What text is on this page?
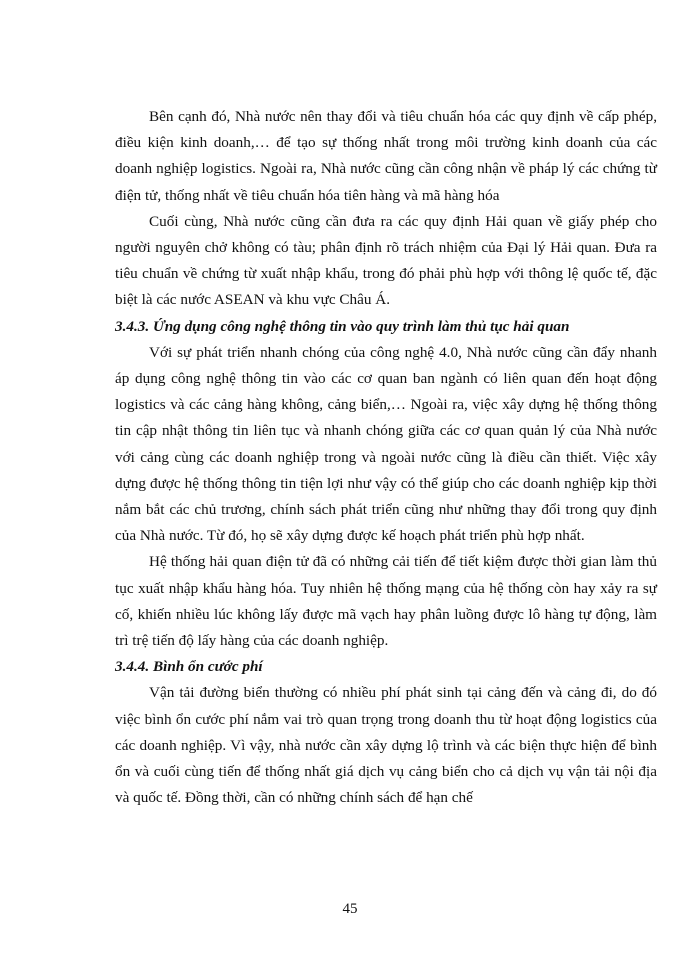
Bên cạnh đó, Nhà nước nên thay đổi và tiêu chuẩn hóa các quy định về cấp phép, điều kiện kinh doanh,… để tạo sự thống nhất trong môi trường kinh doanh của các doanh nghiệp logistics. Ngoài ra, Nhà nước cũng cần công nhận về pháp lý các chứng từ điện tử, thống nhất về tiêu chuẩn hóa tiên hàng và mã hàng hóa

Cuối cùng, Nhà nước cũng cần đưa ra các quy định Hải quan về giấy phép cho người nguyên chở không có tàu; phân định rõ trách nhiệm của Đại lý Hải quan. Đưa ra tiêu chuẩn về chứng từ xuất nhập khẩu, trong đó phải phù hợp với thông lệ quốc tế, đặc biệt là các nước ASEAN và khu vực Châu Á.

3.4.3. Ứng dụng công nghệ thông tin vào quy trình làm thủ tục hải quan

Với sự phát triển nhanh chóng của công nghệ 4.0, Nhà nước cũng cần đẩy nhanh áp dụng công nghệ thông tin vào các cơ quan ban ngành có liên quan đến hoạt động logistics và các cảng hàng không, cảng biển,… Ngoài ra, việc xây dựng hệ thống thông tin cập nhật thông tin liên tục và nhanh chóng giữa các cơ quan quản lý của Nhà nước với cảng cùng các doanh nghiệp trong và ngoài nước cũng là điều cần thiết. Việc xây dựng được hệ thống thông tin tiện lợi như vậy có thể giúp cho các doanh nghiệp kịp thời nắm bắt các chủ trương, chính sách phát triển cũng như những thay đổi trong quy định của Nhà nước. Từ đó, họ sẽ xây dựng được kế hoạch phát triển phù hợp nhất.

Hệ thống hải quan điện tử đã có những cải tiến để tiết kiệm được thời gian làm thủ tục xuất nhập khẩu hàng hóa. Tuy nhiên hệ thống mạng của hệ thống còn hay xảy ra sự cố, khiến nhiều lúc không lấy được mã vạch hay phân luồng được lô hàng tự động, làm trì trệ tiến độ lấy hàng của các doanh nghiệp.

3.4.4. Bình ổn cước phí

Vận tải đường biển thường có nhiều phí phát sinh tại cảng đến và cảng đi, do đó việc bình ổn cước phí nắm vai trò quan trọng trong doanh thu từ hoạt động logistics của các doanh nghiệp. Vì vậy, nhà nước cần xây dựng lộ trình và các biện thực hiện để bình ổn và cuối cùng tiến để thống nhất giá dịch vụ cảng biển cho cả dịch vụ vận tải nội địa và quốc tế. Đồng thời, cần có những chính sách để hạn chế

45
